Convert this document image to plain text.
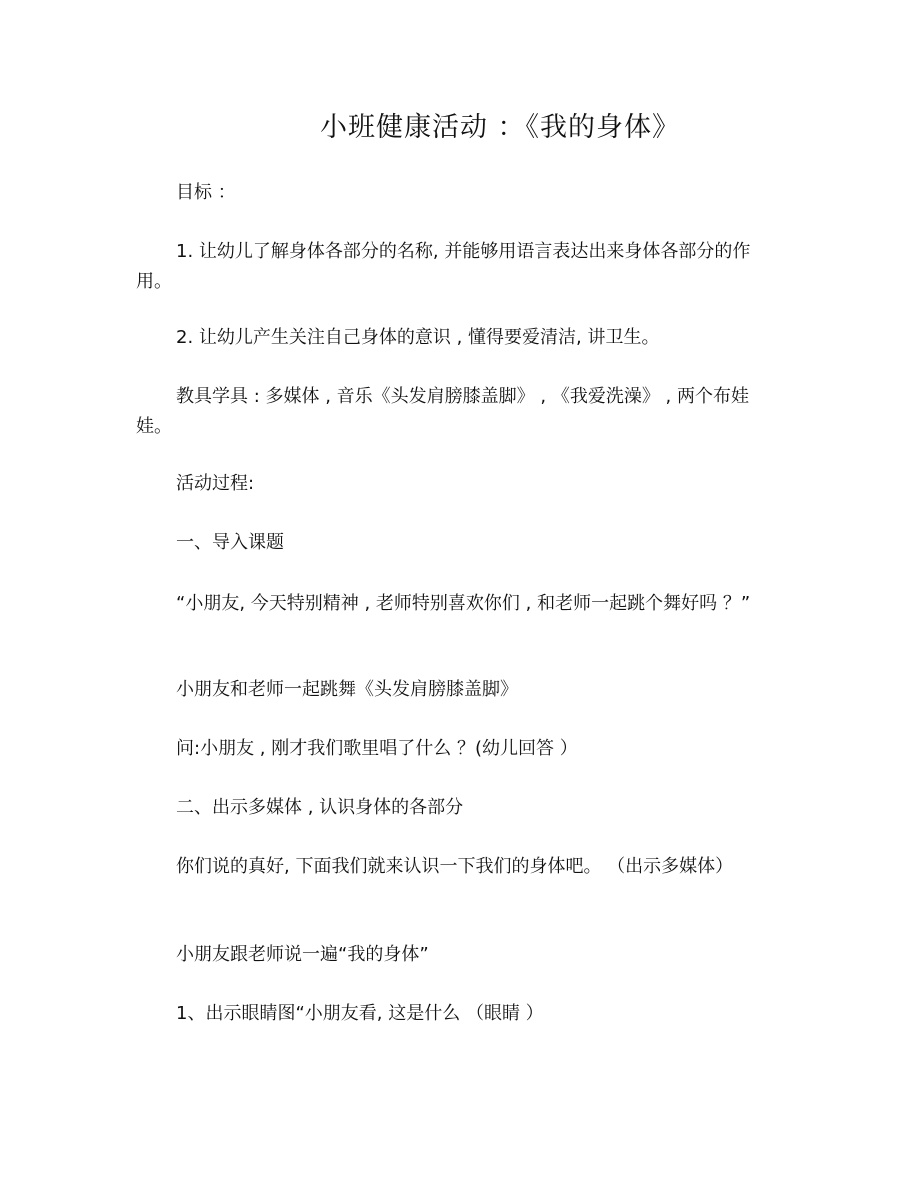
小班健康活动 ：《我的身体》
目标 ：
1. 让幼儿了解身体各部分的名称, 并能够用语言表达出来身体各部分的作用。
2. 让幼儿产生关注自己身体的意识 , 懂得要爱清洁, 讲卫生。
教具学具 : 多媒体 , 音乐《头发肩膀膝盖脚》 , 《我爱洗澡》 , 两个布娃娃。
活动过程:
一、导入课题
“小朋友, 今天特别精神 , 老师特别喜欢你们 , 和老师一起跳个舞好吗 ？”
小朋友和老师一起跳舞《头发肩膀膝盖脚》
问:小朋友 , 刚才我们歌里唱了什么 ？(幼儿回答 ）
二、出示多媒体 , 认识身体的各部分
你们说的真好, 下面我们就来认识一下我们的身体吧。 （出示多媒体）
小朋友跟老师说一遍“我的身体”
1、出示眼睛图“小朋友看, 这是什么 （眼睛 ）
